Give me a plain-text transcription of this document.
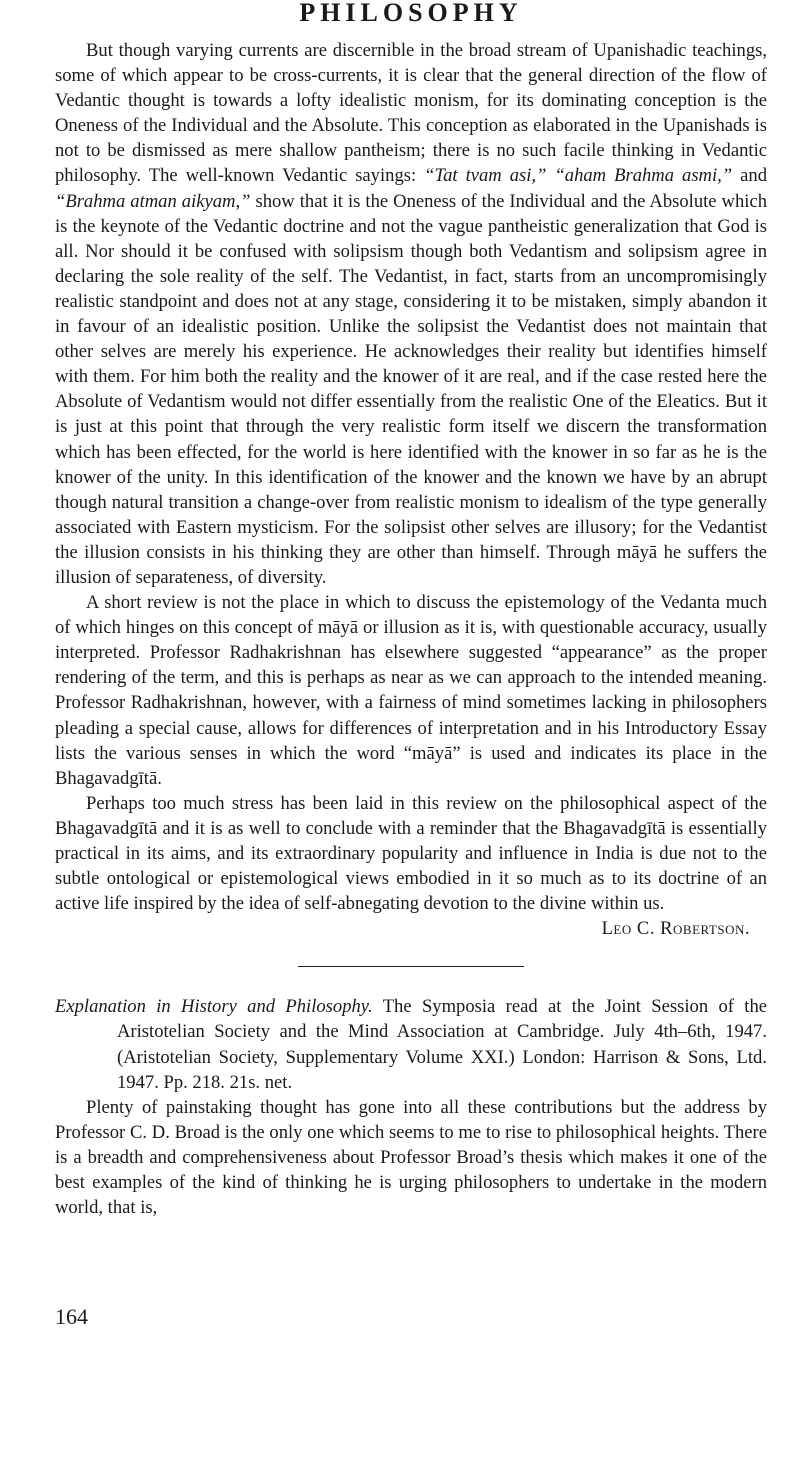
PHILOSOPHY

But though varying currents are discernible in the broad stream of Upanishadic teachings, some of which appear to be cross-currents, it is clear that the general direction of the flow of Vedantic thought is towards a lofty idealistic monism, for its dominating conception is the Oneness of the Individual and the Absolute. This conception as elaborated in the Upanishads is not to be dismissed as mere shallow pantheism; there is no such facile thinking in Vedantic philosophy. The well-known Vedantic sayings: “Tat tvam asi,” “aham Brahma asmi,” and “Brahma atman aikyam,” show that it is the Oneness of the Individual and the Absolute which is the keynote of the Vedantic doctrine and not the vague pantheistic generalization that God is all. Nor should it be confused with solipsism though both Vedantism and solipsism agree in declaring the sole reality of the self. The Vedantist, in fact, starts from an uncompromisingly realistic standpoint and does not at any stage, considering it to be mistaken, simply abandon it in favour of an idealistic position. Unlike the solipsist the Vedantist does not maintain that other selves are merely his experience. He acknowledges their reality but identifies himself with them. For him both the reality and the knower of it are real, and if the case rested here the Absolute of Vedantism would not differ essentially from the realistic One of the Eleatics. But it is just at this point that through the very realistic form itself we discern the transformation which has been effected, for the world is here identified with the knower in so far as he is the knower of the unity. In this identification of the knower and the known we have by an abrupt though natural transition a change-over from realistic monism to idealism of the type generally associated with Eastern mysticism. For the solipsist other selves are illusory; for the Vedantist the illusion consists in his thinking they are other than himself. Through māyā he suffers the illusion of separateness, of diversity.

A short review is not the place in which to discuss the epistemology of the Vedanta much of which hinges on this concept of māyā or illusion as it is, with questionable accuracy, usually interpreted. Professor Radhakrishnan has elsewhere suggested “appearance” as the proper rendering of the term, and this is perhaps as near as we can approach to the intended meaning. Professor Radhakrishnan, however, with a fairness of mind sometimes lacking in philosophers pleading a special cause, allows for differences of interpretation and in his Introductory Essay lists the various senses in which the word “māyā” is used and indicates its place in the Bhagavadgītā.

Perhaps too much stress has been laid in this review on the philosophical aspect of the Bhagavadgītā and it is as well to conclude with a reminder that the Bhagavadgītā is essentially practical in its aims, and its extraordinary popularity and influence in India is due not to the subtle ontological or epistemological views embodied in it so much as to its doctrine of an active life inspired by the idea of self-abnegating devotion to the divine within us.

Leo C. Robertson.

Explanation in History and Philosophy. The Symposia read at the Joint Session of the Aristotelian Society and the Mind Association at Cambridge. July 4th–6th, 1947. (Aristotelian Society, Supplementary Volume XXI.) London: Harrison & Sons, Ltd. 1947. Pp. 218. 21s. net.

Plenty of painstaking thought has gone into all these contributions but the address by Professor C. D. Broad is the only one which seems to me to rise to philosophical heights. There is a breadth and comprehensiveness about Professor Broad’s thesis which makes it one of the best examples of the kind of thinking he is urging philosophers to undertake in the modern world, that is,

164
